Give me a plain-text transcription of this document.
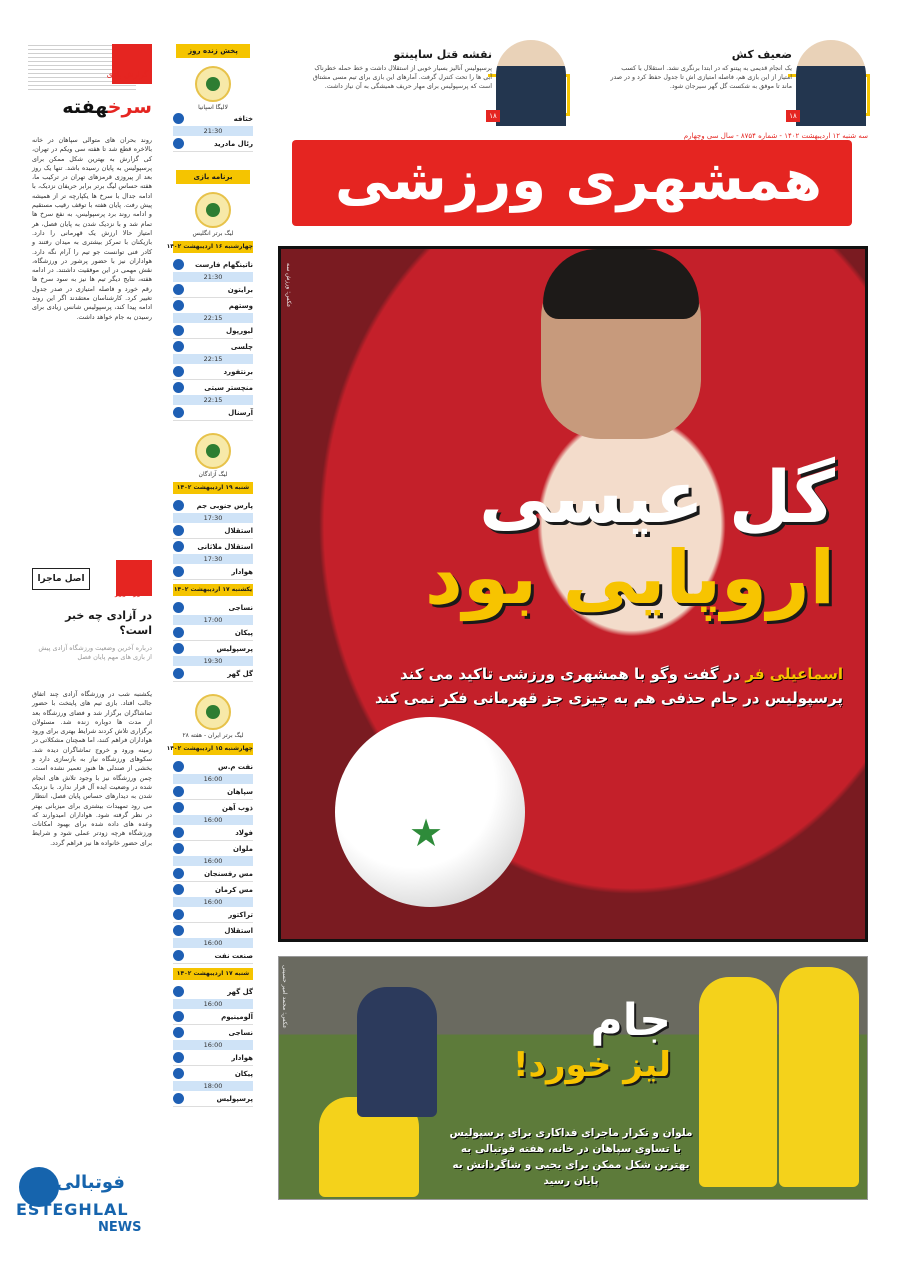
گزارش بازی
سرخهفته
روند بحران های متوالی سپاهان در خانه بالاخره قطع شد تا هفته سی ویکم در تهران، کی گزارش به بهترین شکل ممکن برای پرسپولیس به پایان رسیده باشد. تنها یک روز بعد از پیروزی قرمزهای تهران در ترکیب ما، هفته حساس لیگ برتر برابر حریفان نزدیک، با ادامه جدال با سرخ ها یکپارچه تر از همیشه پیش رفت. پایان هفته با توقف رقیب مستقیم و ادامه روند برد پرسپولیس، به نفع سرخ ها تمام شد و با نزدیک شدن به پایان فصل، هر امتیاز حالا ارزش یک قهرمانی را دارد. بازیکنان با تمرکز بیشتری به میدان رفتند و کادر فنی توانست جو تیم را آرام نگه دارد. هواداران نیز با حضور پرشور در ورزشگاه، نقش مهمی در این موفقیت داشتند. در ادامه هفته، نتایج دیگر تیم ها نیز به سود سرخ ها رقم خورد و فاصله امتیازی در صدر جدول تغییر کرد. کارشناسان معتقدند اگر این روند ادامه پیدا کند، پرسپولیس شانس زیادی برای رسیدن به جام خواهد داشت.
اصل ماجرا
سوژه روز
در آزادی چه خبر است؟
درباره آخرین وضعیت ورزشگاه آزادی پیش از بازی های مهم پایان فصل
یکشنبه شب در ورزشگاه آزادی چند اتفاق جالب افتاد. بازی تیم های پایتخت با حضور تماشاگران برگزار شد و فضای ورزشگاه بعد از مدت ها دوباره زنده شد. مسئولان برگزاری تلاش کردند شرایط بهتری برای ورود هواداران فراهم کنند، اما همچنان مشکلاتی در زمینه ورود و خروج تماشاگران دیده شد. سکوهای ورزشگاه نیاز به بازسازی دارد و بخشی از صندلی ها هنوز تعمیر نشده است. چمن ورزشگاه نیز با وجود تلاش های انجام شده در وضعیت ایده آل قرار ندارد. با نزدیک شدن به دیدارهای حساس پایان فصل، انتظار می رود تمهیدات بیشتری برای میزبانی بهتر در نظر گرفته شود. هواداران امیدوارند که وعده های داده شده برای بهبود امکانات ورزشگاه هرچه زودتر عملی شود و شرایط برای حضور خانواده ها نیز فراهم گردد.
پخش زنده روز
لالیگا اسپانیا
ختافه
21:30
رئال مادرید
برنامه بازی
لیگ برتر انگلیس
چهارشنبه ۱۶ اردیبهشت ۱۴۰۲
ناتینگهام فارست
21:30
برایتون
وستهم
22:15
لیورپول
چلسی
22:15
برنتفورد
منچستر سیتی
22:15
آرسنال
لیگ آزادگان
شنبه ۱۹ اردیبهشت ۱۴۰۲
پارس جنوبی جم
17:30
استقلال
استقلال ملاثانی
17:30
هوادار
یکشنبه ۱۷ اردیبهشت ۱۴۰۲
نساجی
17:00
پیکان
پرسپولیس
19:30
گل گهر
لیگ برتر ایران - هفته ۲۸
چهارشنبه ۱۵ اردیبهشت ۱۴۰۲
نفت م.س
16:00
سپاهان
ذوب آهن
16:00
فولاد
ملوان
16:00
مس رفسنجان
مس کرمان
16:00
تراکتور
استقلال
16:00
صنعت نفت
شنبه ۱۷ اردیبهشت ۱۴۰۲
گل گهر
16:00
آلومینیوم
نساجی
16:00
هوادار
پیکان
18:00
پرسپولیس
ضعیف کش
یک انجام قدیمی به پیتنو که در ابتدا برنگری نشد. استقلال با کسب امتیاز از این بازی هم، فاصله امتیازی اش تا جدول حفظ کرد و در صدر ماند تا موفق به شکست گل گهر سیرجان شود.
۱۸
نقشه قتل ساپینتو
پرسپولیس آنالیز بسیار خوبی از استقلال داشت و خط حمله خطرناک آبی ها را تحت کنترل گرفت. آمارهای این بازی برای تیم مسی مشتاق است که پرسپولیس برای مهار حریف همیشگی به آن نیاز داشت.
۱۸
سه شنبه ۱۲ اردیبهشت ۱۴۰۲ - شماره ۸۷۵۴ - سال سی وچهارم
همشهری ورزشی
عکس: ورزش سه
★
گل عیسی
اروپایی بود
اسماعیلی فر در گفت وگو با همشهری ورزشی تاکید می کند
پرسپولیس در جام حذفی هم به چیزی جز قهرمانی فکر نمی کند
عکس: محمد امیر حسینی	جام
لیز خورد!
ملوان و تکرار ماجرای فداکاری برای پرسپولیس با تساوی سپاهان در خانه، هفته فوتبالی به بهترین شکل ممکن برای یحیی و شاگردانش به پایان رسید
فوتبالی
ESTEGHLAL
NEWS
